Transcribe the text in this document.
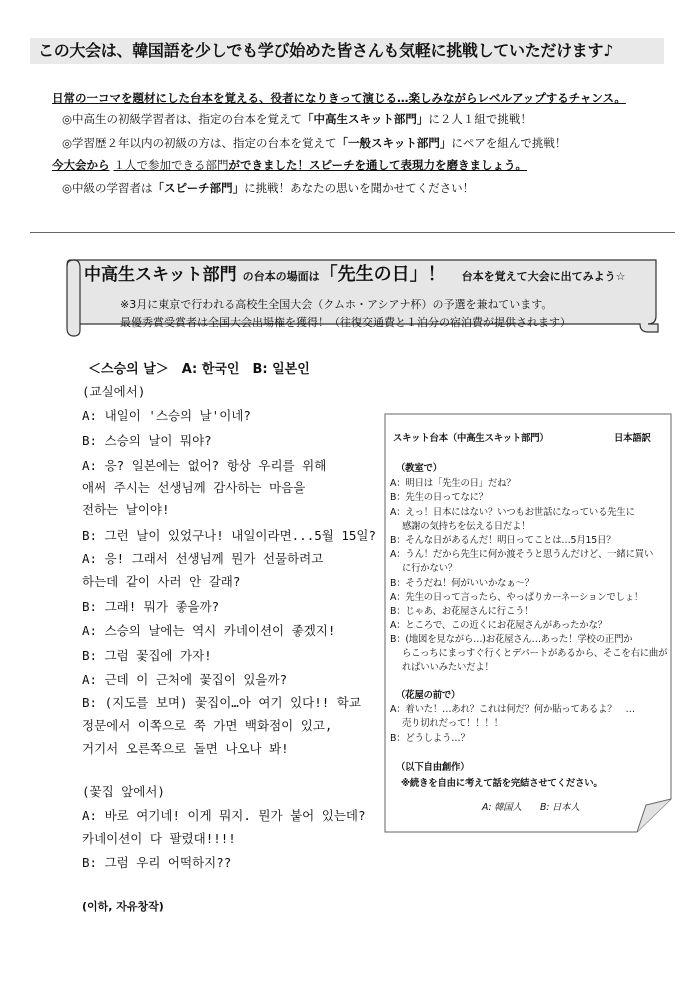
この大会は、韓国語を少しでも学び始めた皆さんも気軽に挑戦していただけます♪
日常の一コマを題材にした台本を覚える、役者になりきって演じる…楽しみながらレベルアップするチャンス。
◎中高生の初級学習者は、指定の台本を覚えて「中高生スキット部門」に２人１組で挑戦！
◎学習歴２年以内の初級の方は、指定の台本を覚えて「一般スキット部門」にペアを組んで挑戦！
今大会から １人で参加できる部門ができました！スピーチを通して表現力を磨きましょう。
◎中級の学習者は「スピーチ部門」に挑戦！あなたの思いを聞かせてください！
中高生スキット部門 の台本の場面は「先生の日」！ 台本を覚えて大会に出てみよう☆
※3月に東京で行われる高校生全国大会（クムホ・アシアナ杯）の予選を兼ねています。
最優秀賞受賞者は全国大会出場権を獲得！（往復交通費と１泊分の宿泊費が提供されます）
＜스승의 날＞　A: 한국인　B: 일본인
(교실에서)
A: 내일이 '스승의 날'이네?
B: 스승의 날이 뭐야?
A: 응? 일본에는 없어? 항상 우리를 위해
애써 주시는 선생님께 감사하는 마음을
전하는 날이야!
B: 그런 날이 있었구나! 내일이라면...5월 15일?
A: 응! 그래서 선생님께 뭔가 선물하려고
하는데 같이 사러 안 갈래?
B: 그래! 뭐가 좋을까?
A: 스승의 날에는 역시 카네이션이 좋겠지!
B: 그럼 꽃집에 가자!
A: 근데 이 근처에 꽃집이 있을까?
B: (지도를 보며) 꽃집이…아 여기 있다!! 학교
정문에서 이쪽으로 쭉 가면 백화점이 있고,
거기서 오른쪽으로 돌면 나오나 봐!
(꽃집 앞에서)
A: 바로 여기네! 이게 뭐지. 뭔가 붙어 있는데?
카네이션이 다 팔렸대!!!!
B: 그럼 우리 어떡하지??
(이하, 자유창작)
スキット台本（中高生スキット部門）	日本語訳
（教室で）
A：明日は「先生の日」だね？
B：先生の日ってなに？
A：えっ！日本にはない？いつもお世話になっている先生に
　 感謝の気持ちを伝える日だよ！
B：そんな日があるんだ！明日ってことは…5月15日？
A：うん！だから先生に何か渡そうと思うんだけど、一緒に買い
　 に行かない？
B：そうだね！何がいいかなぁ〜？
A：先生の日って言ったら、やっぱりカーネーションでしょ！
B：じゃあ、お花屋さんに行こう！
A：ところで、この近くにお花屋さんがあったかな？
B：(地図を見ながら…)お花屋さん…あった！学校の正門か
　 らこっちにまっすぐ行くとデパートがあるから、そこを右に曲が
　 ればいいみたいだよ！
（花屋の前で）
A：着いた！…あれ？これは何だ？何か貼ってあるよ？　…
　 売り切れだって！！！！
B：どうしよう…？
（以下自由創作）
※続きを自由に考えて話を完結させてください。
A: 韓国人　　B: 日本人
